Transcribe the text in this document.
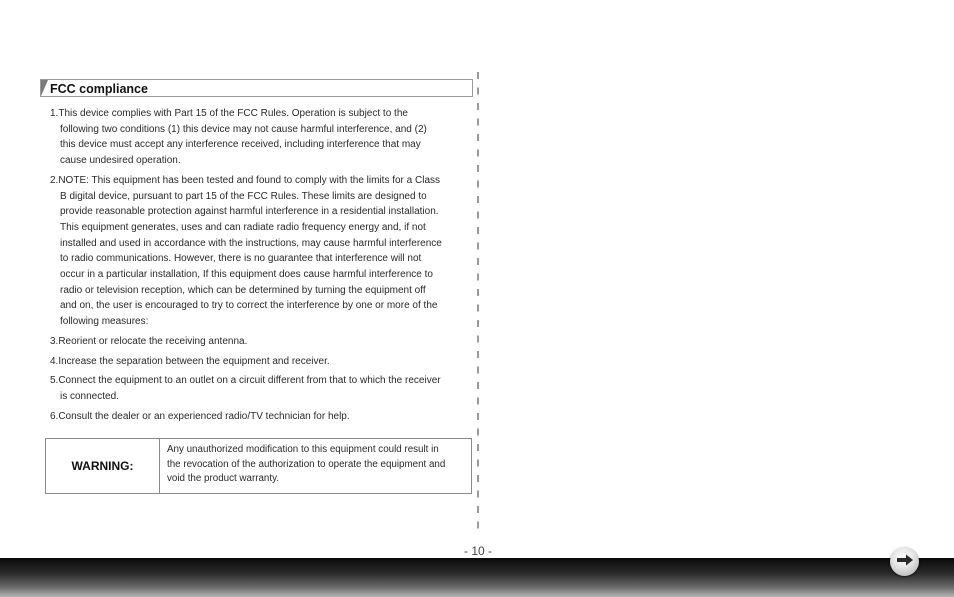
FCC compliance
1.This device complies with Part 15 of the FCC Rules. Operation is subject to the
following two conditions (1) this device may not cause harmful interference, and (2)
this device must accept any interference received, including interference that may
cause undesired operation.
2.NOTE: This equipment has been tested and found to comply with the limits for a Class
B digital device, pursuant to part 15 of the FCC Rules. These limits are designed to
provide reasonable protection against harmful interference in a residential installation.
This equipment generates, uses and can radiate radio frequency energy and, if not
installed and used in accordance with the instructions, may cause harmful interference
to radio communications. However, there is no guarantee that interference will not
occur in a particular installation, If this equipment does cause harmful interference to
radio or television reception, which can be determined by turning the equipment off
and on, the user is encouraged to try to correct the interference by one or more of the
following measures:
3.Reorient or relocate the receiving antenna.
4.Increase the separation between the equipment and receiver.
5.Connect the equipment to an outlet on a circuit different from that to which the receiver
is connected.
6.Consult the dealer or an experienced radio/TV technician for help.
WARNING:
Any unauthorized modification to this equipment could result in
the revocation of the authorization to operate the equipment and
void the product warranty.
- 10 -
